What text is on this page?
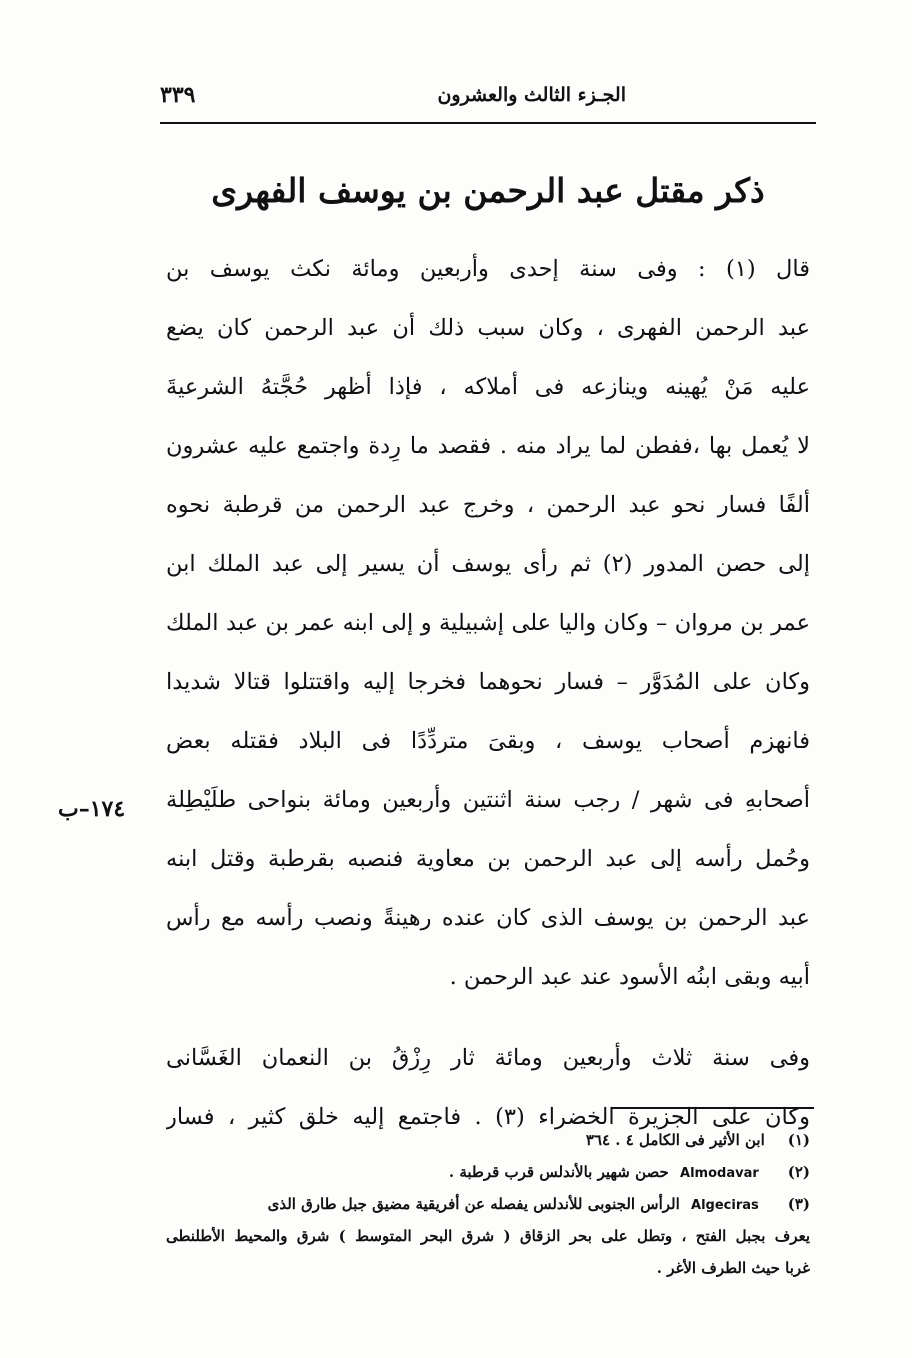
الجـزء الثالث والعشرون
٣٣٩
ذكر مقتل عبد الرحمن بن يوسف الفهرى
قال (١) : وفى سنة إحدى وأربعين ومائة نكث يوسف بن
عبد الرحمن الفهرى ، وكان سبب ذلك أن عبد الرحمن كان يضع
عليه مَنْ يُهينه وينازعه فى أملاكه ، فإذا أظهر حُجَّتهُ الشرعيةَ
لا يُعمل بها ،ففطن لما يراد منه . فقصد ما رِدة واجتمع عليه عشرون
ألفًا فسار نحو عبد الرحمن ، وخرج عبد الرحمن من قرطبة نحوه
إلى حصن المدور (٢) ثم رأى يوسف أن يسير إلى عبد الملك ابن
عمر بن مروان – وكان واليا على إشبيلية و إلى ابنه عمر بن عبد الملك
وكان على المُدَوَّر – فسار نحوهما فخرجا إليه واقتتلوا قتالا شديدا
فانهزم أصحاب يوسف ، وبقىَ متردِّدًا فى البلاد فقتله بعض
أصحابهِ فى شهر / رجب سنة اثنتين وأربعين ومائة بنواحى طلَيْطِلة
وحُمل رأسه إلى عبد الرحمن بن معاوية فنصبه بقرطبة وقتل ابنه
عبد الرحمن بن يوسف الذى كان عنده رهينةً ونصب رأسه مع رأس
أبيه وبقى ابنُه الأسود عند عبد الرحمن .
وفى سنة ثلاث وأربعين ومائة ثار رِزْقُ بن النعمان الغَسَّانى
وكان على الجزيرة الخضراء (٣) . فاجتمع إليه خلق كثير ، فسار
١٧٤–ب
(١) ابن الأثير فى الكامل ٤ . ٣٦٤
(٢) Almodavar حصن شهير بالأندلس قرب قرطبة .
(٣) Algeciras الرأس الجنوبى للأندلس يفصله عن أفريقية مضيق جبل طارق الذى
يعرف بجبل الفتح ، وتطل على بحر الزقاق ( شرق البحر المتوسط ) شرق والمحيط الأطلنطى
غربا حيث الطرف الأغر .
